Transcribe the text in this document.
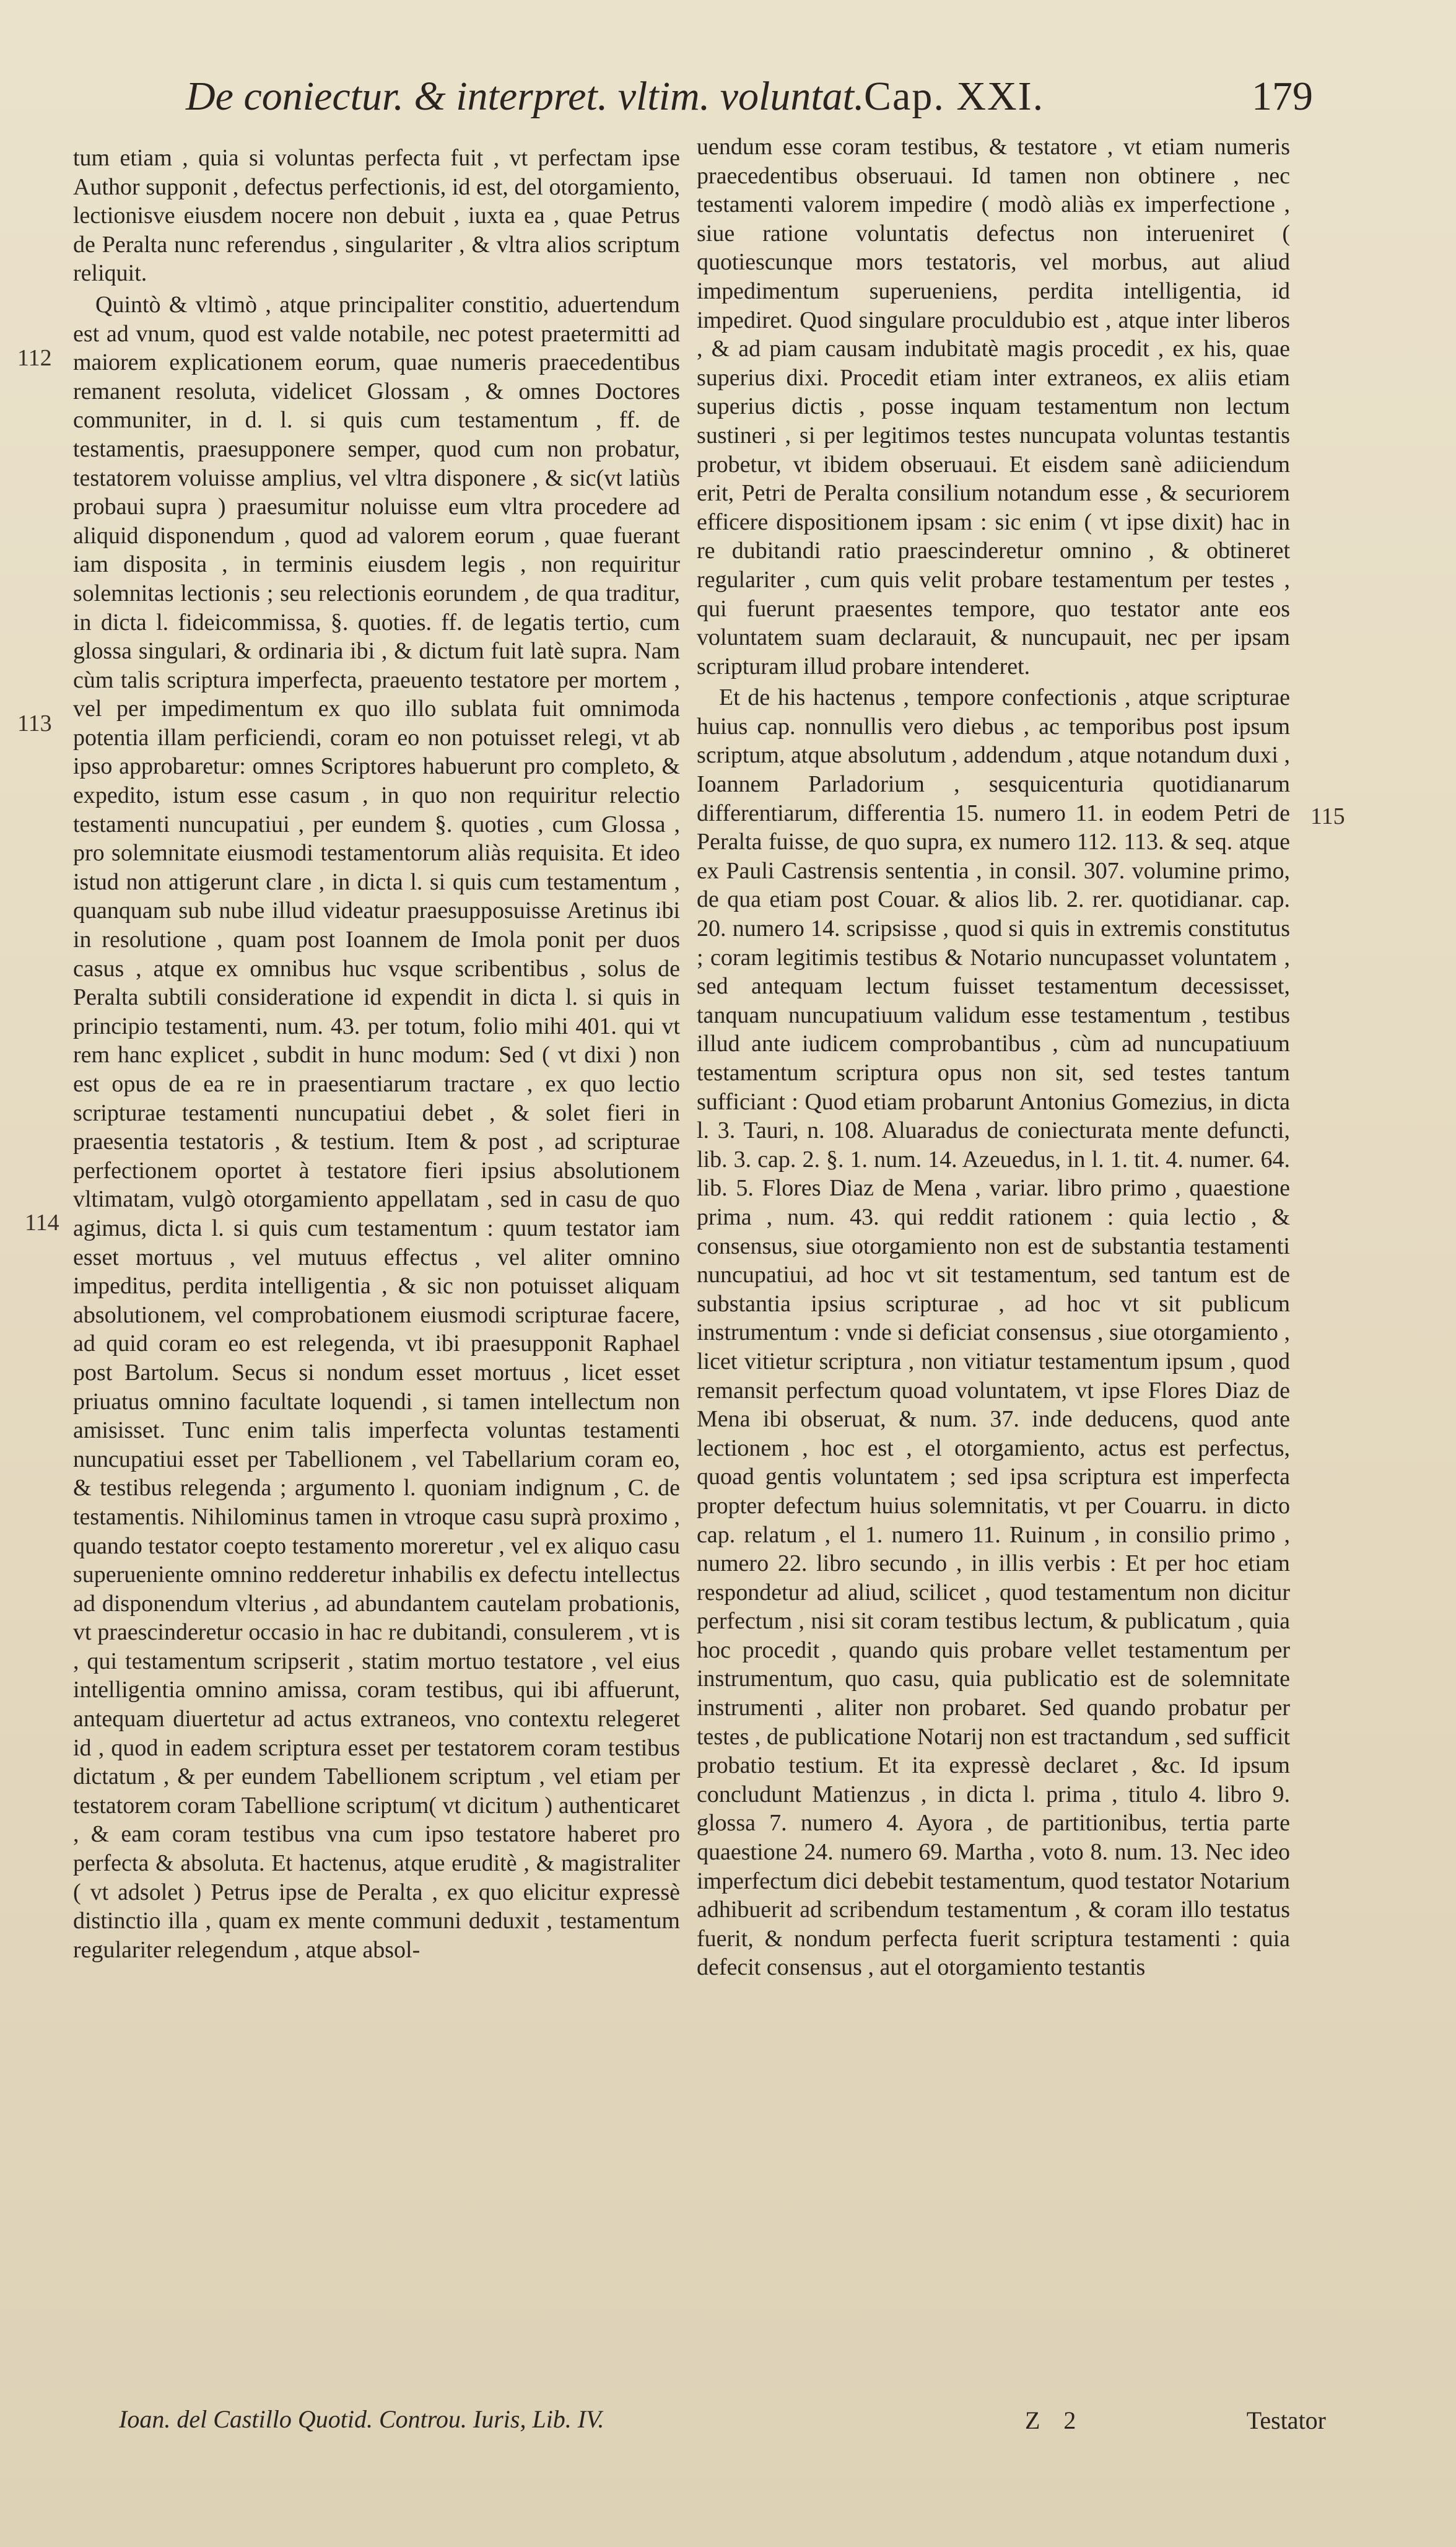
De coniectur. & interpret. vltim. voluntat. Cap. XXI.	179
112
113
114
115

tum etiam , quia si voluntas perfecta fuit , vt perfectam ipse Author supponit , defectus perfectionis, id est, del otorgamiento, lectionisve eiusdem nocere non debuit , iuxta ea , quae Petrus de Peralta nunc referendus , singulariter , & vltra alios scriptum reliquit.

Quintò & vltimò , atque principaliter constitio, aduertendum est ad vnum, quod est valde notabile, nec potest praetermitti ad maiorem explicationem eorum, quae numeris praecedentibus remanent resoluta, videlicet Glossam , & omnes Doctores communiter, in d. l. si quis cum testamentum , ff. de testamentis, praesupponere semper, quod cum non probatur, testatorem voluisse amplius, vel vltra disponere , & sic(vt latiùs probaui supra ) praesumitur noluisse eum vltra procedere ad aliquid disponendum , quod ad valorem eorum , quae fuerant iam disposita , in terminis eiusdem legis , non requiritur solemnitas lectionis ; seu relectionis eorundem , de qua traditur, in dicta l. fideicommissa, §. quoties. ff. de legatis tertio, cum glossa singulari, & ordinaria ibi , & dictum fuit latè supra. Nam cùm talis scriptura imperfecta, praeuento testatore per mortem , vel per impedimentum ex quo illo sublata fuit omnimoda potentia illam perficiendi, coram eo non potuisset relegi, vt ab ipso approbaretur: omnes Scriptores habuerunt pro completo, & expedito, istum esse casum , in quo non requiritur relectio testamenti nuncupatiui , per eundem §. quoties , cum Glossa , pro solemnitate eiusmodi testamentorum aliàs requisita. Et ideo istud non attigerunt clare , in dicta l. si quis cum testamentum , quanquam sub nube illud videatur praesupposuisse Aretinus ibi in resolutione , quam post Ioannem de Imola ponit per duos casus , atque ex omnibus huc vsque scribentibus , solus de Peralta subtili consideratione id expendit in dicta l. si quis in principio testamenti, num. 43. per totum, folio mihi 401. qui vt rem hanc explicet , subdit in hunc modum: Sed ( vt dixi ) non est opus de ea re in praesentiarum tractare , ex quo lectio scripturae testamenti nuncupatiui debet , & solet fieri in praesentia testatoris , & testium. Item & post , ad scripturae perfectionem oportet à testatore fieri ipsius absolutionem vltimatam, vulgò otorgamiento appellatam , sed in casu de quo agimus, dicta l. si quis cum testamentum : quum testator iam esset mortuus , vel mutuus effectus , vel aliter omnino impeditus, perdita intelligentia , & sic non potuisset aliquam absolutionem, vel comprobationem eiusmodi scripturae facere, ad quid coram eo est relegenda, vt ibi praesupponit Raphael post Bartolum. Secus si nondum esset mortuus , licet esset priuatus omnino facultate loquendi , si tamen intellectum non amisisset. Tunc enim talis imperfecta voluntas testamenti nuncupatiui esset per Tabellionem , vel Tabellarium coram eo, & testibus relegenda ; argumento l. quoniam indignum , C. de testamentis. Nihilominus tamen in vtroque casu suprà proximo , quando testator coepto testamento moreretur , vel ex aliquo casu superueniente omnino redderetur inhabilis ex defectu intellectus ad disponendum vlterius , ad abundantem cautelam probationis, vt praescinderetur occasio in hac re dubitandi, consulerem , vt is , qui testamentum scripserit , statim mortuo testatore , vel eius intelligentia omnino amissa, coram testibus, qui ibi affuerunt, antequam diuertetur ad actus extraneos, vno contextu relegeret id , quod in eadem scriptura esset per testatorem coram testibus dictatum , & per eundem Tabellionem scriptum , vel etiam per testatorem coram Tabellione scriptum( vt dicitum ) authenticaret , & eam coram testibus vna cum ipso testatore haberet pro perfecta & absoluta. Et hactenus, atque eruditè , & magistraliter ( vt adsolet ) Petrus ipse de Peralta , ex quo elicitur expressè distinctio illa , quam ex mente communi deduxit , testamentum regulariter relegendum , atque absol-

uendum esse coram testibus, & testatore , vt etiam numeris praecedentibus obseruaui. Id tamen non obtinere , nec testamenti valorem impedire ( modò aliàs ex imperfectione , siue ratione voluntatis defectus non interueniret ( quotiescunque mors testatoris, vel morbus, aut aliud impedimentum superueniens, perdita intelligentia, id impediret. Quod singulare proculdubio est , atque inter liberos , & ad piam causam indubitatè magis procedit , ex his, quae superius dixi. Procedit etiam inter extraneos, ex aliis etiam superius dictis , posse inquam testamentum non lectum sustineri , si per legitimos testes nuncupata voluntas testantis probetur, vt ibidem obseruaui. Et eisdem sanè adiiciendum erit, Petri de Peralta consilium notandum esse , & securiorem efficere dispositionem ipsam : sic enim ( vt ipse dixit) hac in re dubitandi ratio praescinderetur omnino , & obtineret regulariter , cum quis velit probare testamentum per testes , qui fuerunt praesentes tempore, quo testator ante eos voluntatem suam declarauit, & nuncupauit, nec per ipsam scripturam illud probare intenderet.

Et de his hactenus , tempore confectionis , atque scripturae huius cap. nonnullis vero diebus , ac temporibus post ipsum scriptum, atque absolutum , addendum , atque notandum duxi , Ioannem Parladorium , sesquicenturia quotidianarum differentiarum, differentia 15. numero 11. in eodem Petri de Peralta fuisse, de quo supra, ex numero 112. 113. & seq. atque ex Pauli Castrensis sententia , in consil. 307. volumine primo, de qua etiam post Couar. & alios lib. 2. rer. quotidianar. cap. 20. numero 14. scripsisse , quod si quis in extremis constitutus ; coram legitimis testibus & Notario nuncupasset voluntatem , sed antequam lectum fuisset testamentum decessisset, tanquam nuncupatiuum validum esse testamentum , testibus illud ante iudicem comprobantibus , cùm ad nuncupatiuum testamentum scriptura opus non sit, sed testes tantum sufficiant : Quod etiam probarunt Antonius Gomezius, in dicta l. 3. Tauri, n. 108. Aluaradus de coniecturata mente defuncti, lib. 3. cap. 2. §. 1. num. 14. Azeuedus, in l. 1. tit. 4. numer. 64. lib. 5. Flores Diaz de Mena , variar. libro primo , quaestione prima , num. 43. qui reddit rationem : quia lectio , & consensus, siue otorgamiento non est de substantia testamenti nuncupatiui, ad hoc vt sit testamentum, sed tantum est de substantia ipsius scripturae , ad hoc vt sit publicum instrumentum : vnde si deficiat consensus , siue otorgamiento , licet vitietur scriptura , non vitiatur testamentum ipsum , quod remansit perfectum quoad voluntatem, vt ipse Flores Diaz de Mena ibi obseruat, & num. 37. inde deducens, quod ante lectionem , hoc est , el otorgamiento, actus est perfectus, quoad gentis voluntatem ; sed ipsa scriptura est imperfecta propter defectum huius solemnitatis, vt per Couarru. in dicto cap. relatum , el 1. numero 11. Ruinum , in consilio primo , numero 22. libro secundo , in illis verbis : Et per hoc etiam respondetur ad aliud, scilicet , quod testamentum non dicitur perfectum , nisi sit coram testibus lectum, & publicatum , quia hoc procedit , quando quis probare vellet testamentum per instrumentum, quo casu, quia publicatio est de solemnitate instrumenti , aliter non probaret. Sed quando probatur per testes , de publicatione Notarij non est tractandum , sed sufficit probatio testium. Et ita expressè declaret , &c. Id ipsum concludunt Matienzus , in dicta l. prima , titulo 4. libro 9. glossa 7. numero 4. Ayora , de partitionibus, tertia parte quaestione 24. numero 69. Martha , voto 8. num. 13. Nec ideo imperfectum dici debebit testamentum, quod testator Notarium adhibuerit ad scribendum testamentum , & coram illo testatus fuerit, & nondum perfecta fuerit scriptura testamenti : quia defecit consensus , aut el otorgamiento testantis

Ioan. del Castillo Quotid. Controu. Iuris, Lib. IV.	Z 2	Testator
